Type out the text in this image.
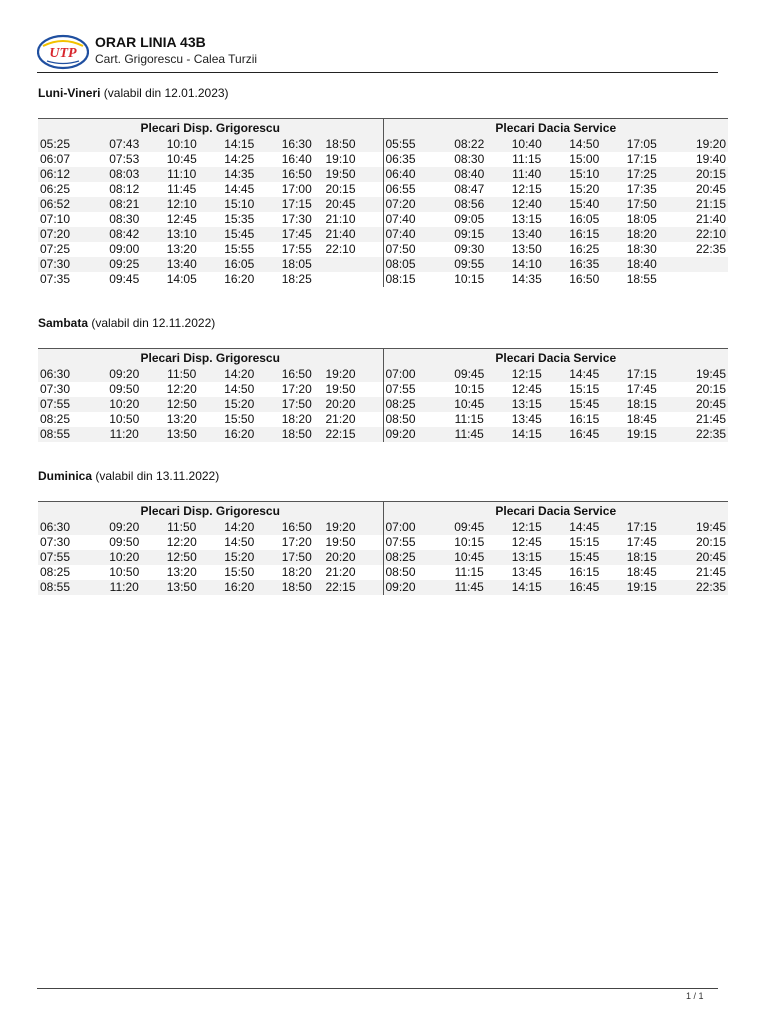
UTP
ORAR LINIA 43B
Cart. Grigorescu - Calea Turzii
Luni-Vineri (valabil din 12.01.2023)
Plecari Disp. Grigorescu						Plecari Dacia Service					
05:25	07:43	10:10	14:15	16:30	18:50	05:55	08:22	10:40	14:50	17:05	19:20
06:07	07:53	10:45	14:25	16:40	19:10	06:35	08:30	11:15	15:00	17:15	19:40
06:12	08:03	11:10	14:35	16:50	19:50	06:40	08:40	11:40	15:10	17:25	20:15
06:25	08:12	11:45	14:45	17:00	20:15	06:55	08:47	12:15	15:20	17:35	20:45
06:52	08:21	12:10	15:10	17:15	20:45	07:20	08:56	12:40	15:40	17:50	21:15
07:10	08:30	12:45	15:35	17:30	21:10	07:40	09:05	13:15	16:05	18:05	21:40
07:20	08:42	13:10	15:45	17:45	21:40	07:40	09:15	13:40	16:15	18:20	22:10
07:25	09:00	13:20	15:55	17:55	22:10	07:50	09:30	13:50	16:25	18:30	22:35
07:30	09:25	13:40	16:05	18:05		08:05	09:55	14:10	16:35	18:40	
07:35	09:45	14:05	16:20	18:25		08:15	10:15	14:35	16:50	18:55	
Sambata (valabil din 12.11.2022)
Plecari Disp. Grigorescu						Plecari Dacia Service					
06:30	09:20	11:50	14:20	16:50	19:20	07:00	09:45	12:15	14:45	17:15	19:45
07:30	09:50	12:20	14:50	17:20	19:50	07:55	10:15	12:45	15:15	17:45	20:15
07:55	10:20	12:50	15:20	17:50	20:20	08:25	10:45	13:15	15:45	18:15	20:45
08:25	10:50	13:20	15:50	18:20	21:20	08:50	11:15	13:45	16:15	18:45	21:45
08:55	11:20	13:50	16:20	18:50	22:15	09:20	11:45	14:15	16:45	19:15	22:35
Duminica (valabil din 13.11.2022)
Plecari Disp. Grigorescu						Plecari Dacia Service					
06:30	09:20	11:50	14:20	16:50	19:20	07:00	09:45	12:15	14:45	17:15	19:45
07:30	09:50	12:20	14:50	17:20	19:50	07:55	10:15	12:45	15:15	17:45	20:15
07:55	10:20	12:50	15:20	17:50	20:20	08:25	10:45	13:15	15:45	18:15	20:45
08:25	10:50	13:20	15:50	18:20	21:20	08:50	11:15	13:45	16:15	18:45	21:45
08:55	11:20	13:50	16:20	18:50	22:15	09:20	11:45	14:15	16:45	19:15	22:35
1 / 1
